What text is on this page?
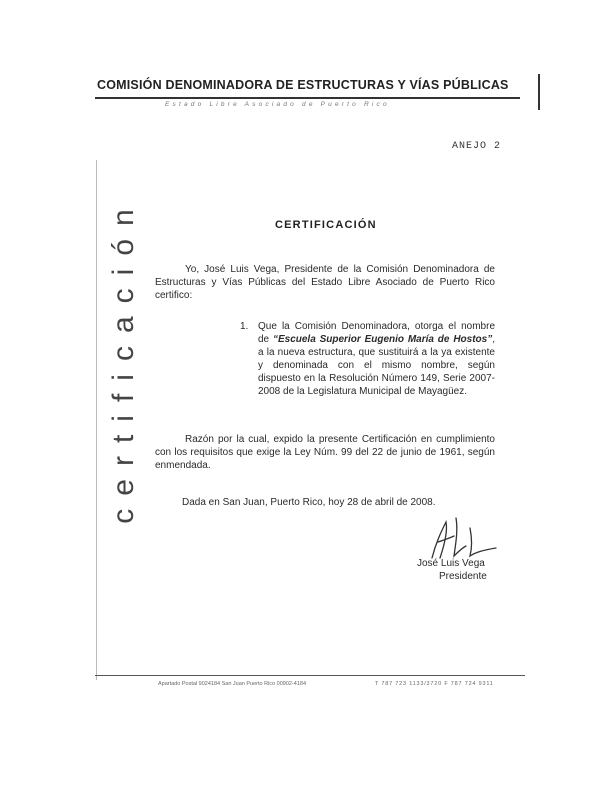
COMISIÓN DENOMINADORA DE ESTRUCTURAS Y VÍAS PÚBLICAS
Estado Libre Asociado de Puerto Rico
certificación
ANEJO 2
CERTIFICACIÓN
Yo, José Luis Vega, Presidente de la Comisión Denominadora de Estructuras y Vías Públicas del Estado Libre Asociado de Puerto Rico certifico:
1. Que la Comisión Denominadora, otorga el nombre de “Escuela Superior Eugenio María de Hostos”, a la nueva estructura, que sustituirá a la ya existente y denominada con el mismo nombre, según dispuesto en la Resolución Número 149, Serie 2007-2008 de la Legislatura Municipal de Mayagüez.
Razón por la cual, expido la presente Certificación en cumplimiento con los requisitos que exige la Ley Núm. 99 del 22 de junio de 1961, según enmendada.
Dada en San Juan, Puerto Rico, hoy 28 de abril de 2008.
José Luis Vega
Presidente
Apartado Postal 9024184 San Juan Puerto Rico 00902-4184	T 787 723 1133/3720 F 787 724 9311
